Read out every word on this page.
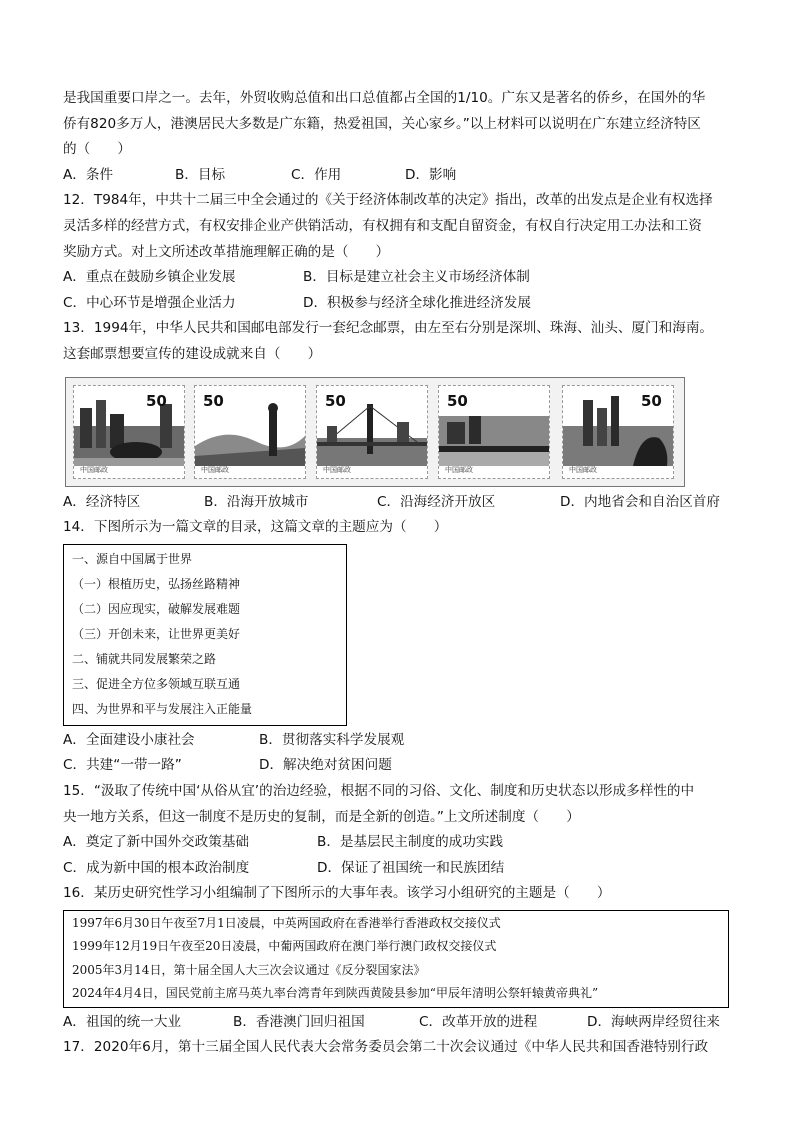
是我国重要口岸之一。去年，外贸收购总值和出口总值都占全国的1/10。广东又是著名的侨乡，在国外的华
侨有820多万人，港澳居民大多数是广东籍，热爱祖国，关心家乡。”以上材料可以说明在广东建立经济特区
的（　　）
A．条件	B．目标	C．作用	D．影响
12．T984年，中共十二届三中全会通过的《关于经济体制改革的决定》指出，改革的出发点是企业有权选择
灵活多样的经营方式，有权安排企业产供销活动，有权拥有和支配自留资金，有权自行决定用工办法和工资
奖励方式。对上文所述改革措施理解正确的是（　　）
A．重点在鼓励乡镇企业发展	B．目标是建立社会主义市场经济体制
C．中心环节是增强企业活力	D．积极参与经济全球化推进经济发展
13．1994年，中华人民共和国邮电部发行一套纪念邮票，由左至右分别是深圳、珠海、汕头、厦门和海南。
这套邮票想要宣传的建设成就来自（　　）
50
中国邮政
50
中国邮政
50
中国邮政
50
中国邮政
50
中国邮政
A．经济特区	B．沿海开放城市	C．沿海经济开放区	D．内地省会和自治区首府
14．下图所示为一篇文章的目录，这篇文章的主题应为（　　）
一、源自中国属于世界
（一）根植历史，弘扬丝路精神
（二）因应现实，破解发展难题
（三）开创未来，让世界更美好
二、铺就共同发展繁荣之路
三、促进全方位多领域互联互通
四、为世界和平与发展注入正能量
A．全面建设小康社会	B．贯彻落实科学发展观
C．共建“一带一路”	D．解决绝对贫困问题
15．“汲取了传统中国‘从俗从宜’的治边经验，根据不同的习俗、文化、制度和历史状态以形成多样性的中
央一地方关系，但这一制度不是历史的复制，而是全新的创造。”上文所述制度（　　）
A．奠定了新中国外交政策基础	B．是基层民主制度的成功实践
C．成为新中国的根本政治制度	D．保证了祖国统一和民族团结
16．某历史研究性学习小组编制了下图所示的大事年表。该学习小组研究的主题是（　　）
1997年6月30日午夜至7月1日凌晨，中英两国政府在香港举行香港政权交接仪式
1999年12月19日午夜至20日凌晨，中葡两国政府在澳门举行澳门政权交接仪式
2005年3月14日，第十届全国人大三次会议通过《反分裂国家法》
2024年4月4日，国民党前主席马英九率台湾青年到陕西黄陵县参加“甲辰年清明公祭轩辕黄帝典礼”
A．祖国的统一大业	B．香港澳门回归祖国	C．改革开放的进程	D．海峡两岸经贸往来
17．2020年6月，第十三届全国人民代表大会常务委员会第二十次会议通过《中华人民共和国香港特别行政
